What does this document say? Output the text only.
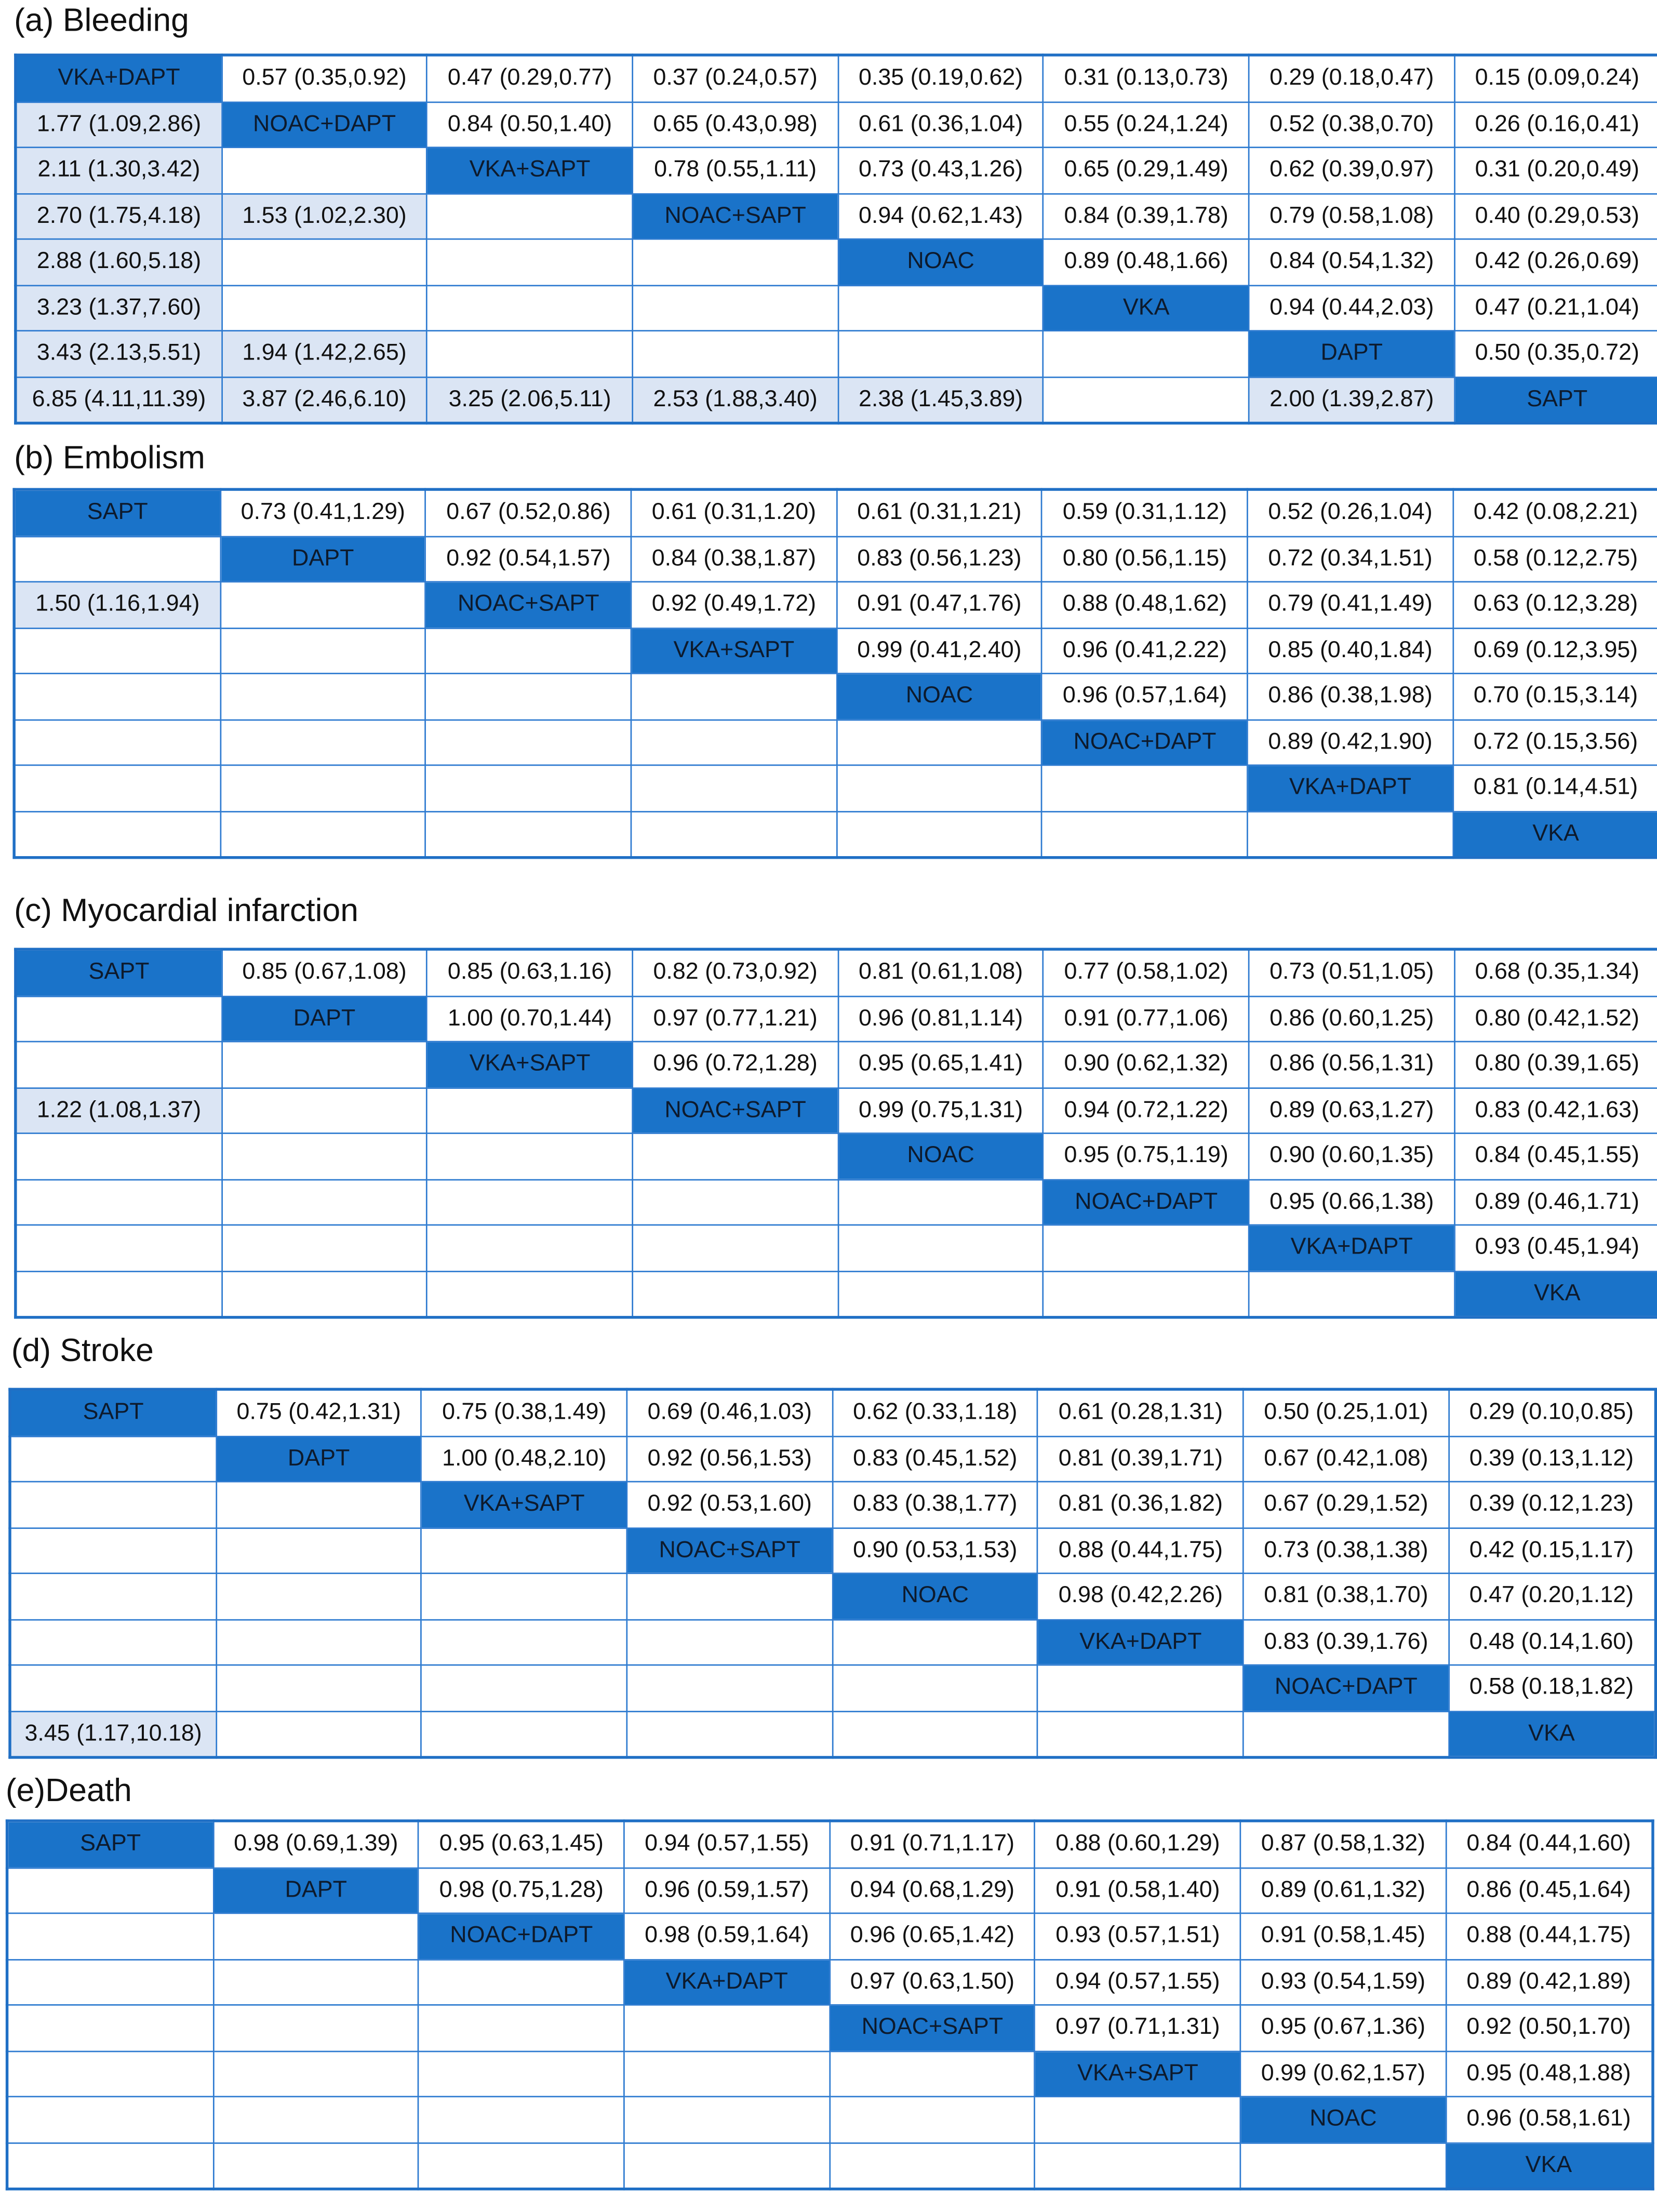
(a) Bleeding
VKA+DAPT	0.57 (0.35,0.92)	0.47 (0.29,0.77)	0.37 (0.24,0.57)	0.35 (0.19,0.62)	0.31 (0.13,0.73)	0.29 (0.18,0.47)	0.15 (0.09,0.24)
1.77 (1.09,2.86)	NOAC+DAPT	0.84 (0.50,1.40)	0.65 (0.43,0.98)	0.61 (0.36,1.04)	0.55 (0.24,1.24)	0.52 (0.38,0.70)	0.26 (0.16,0.41)
2.11 (1.30,3.42)		VKA+SAPT	0.78 (0.55,1.11)	0.73 (0.43,1.26)	0.65 (0.29,1.49)	0.62 (0.39,0.97)	0.31 (0.20,0.49)
2.70 (1.75,4.18)	1.53 (1.02,2.30)		NOAC+SAPT	0.94 (0.62,1.43)	0.84 (0.39,1.78)	0.79 (0.58,1.08)	0.40 (0.29,0.53)
2.88 (1.60,5.18)				NOAC	0.89 (0.48,1.66)	0.84 (0.54,1.32)	0.42 (0.26,0.69)
3.23 (1.37,7.60)					VKA	0.94 (0.44,2.03)	0.47 (0.21,1.04)
3.43 (2.13,5.51)	1.94 (1.42,2.65)					DAPT	0.50 (0.35,0.72)
6.85 (4.11,11.39)	3.87 (2.46,6.10)	3.25 (2.06,5.11)	2.53 (1.88,3.40)	2.38 (1.45,3.89)		2.00 (1.39,2.87)	SAPT
(b) Embolism
SAPT	0.73 (0.41,1.29)	0.67 (0.52,0.86)	0.61 (0.31,1.20)	0.61 (0.31,1.21)	0.59 (0.31,1.12)	0.52 (0.26,1.04)	0.42 (0.08,2.21)
	DAPT	0.92 (0.54,1.57)	0.84 (0.38,1.87)	0.83 (0.56,1.23)	0.80 (0.56,1.15)	0.72 (0.34,1.51)	0.58 (0.12,2.75)
1.50 (1.16,1.94)		NOAC+SAPT	0.92 (0.49,1.72)	0.91 (0.47,1.76)	0.88 (0.48,1.62)	0.79 (0.41,1.49)	0.63 (0.12,3.28)
			VKA+SAPT	0.99 (0.41,2.40)	0.96 (0.41,2.22)	0.85 (0.40,1.84)	0.69 (0.12,3.95)
				NOAC	0.96 (0.57,1.64)	0.86 (0.38,1.98)	0.70 (0.15,3.14)
					NOAC+DAPT	0.89 (0.42,1.90)	0.72 (0.15,3.56)
						VKA+DAPT	0.81 (0.14,4.51)
							VKA
(c) Myocardial infarction
SAPT	0.85 (0.67,1.08)	0.85 (0.63,1.16)	0.82 (0.73,0.92)	0.81 (0.61,1.08)	0.77 (0.58,1.02)	0.73 (0.51,1.05)	0.68 (0.35,1.34)
	DAPT	1.00 (0.70,1.44)	0.97 (0.77,1.21)	0.96 (0.81,1.14)	0.91 (0.77,1.06)	0.86 (0.60,1.25)	0.80 (0.42,1.52)
		VKA+SAPT	0.96 (0.72,1.28)	0.95 (0.65,1.41)	0.90 (0.62,1.32)	0.86 (0.56,1.31)	0.80 (0.39,1.65)
1.22 (1.08,1.37)			NOAC+SAPT	0.99 (0.75,1.31)	0.94 (0.72,1.22)	0.89 (0.63,1.27)	0.83 (0.42,1.63)
				NOAC	0.95 (0.75,1.19)	0.90 (0.60,1.35)	0.84 (0.45,1.55)
					NOAC+DAPT	0.95 (0.66,1.38)	0.89 (0.46,1.71)
						VKA+DAPT	0.93 (0.45,1.94)
							VKA
(d) Stroke
SAPT	0.75 (0.42,1.31)	0.75 (0.38,1.49)	0.69 (0.46,1.03)	0.62 (0.33,1.18)	0.61 (0.28,1.31)	0.50 (0.25,1.01)	0.29 (0.10,0.85)
	DAPT	1.00 (0.48,2.10)	0.92 (0.56,1.53)	0.83 (0.45,1.52)	0.81 (0.39,1.71)	0.67 (0.42,1.08)	0.39 (0.13,1.12)
		VKA+SAPT	0.92 (0.53,1.60)	0.83 (0.38,1.77)	0.81 (0.36,1.82)	0.67 (0.29,1.52)	0.39 (0.12,1.23)
			NOAC+SAPT	0.90 (0.53,1.53)	0.88 (0.44,1.75)	0.73 (0.38,1.38)	0.42 (0.15,1.17)
				NOAC	0.98 (0.42,2.26)	0.81 (0.38,1.70)	0.47 (0.20,1.12)
					VKA+DAPT	0.83 (0.39,1.76)	0.48 (0.14,1.60)
						NOAC+DAPT	0.58 (0.18,1.82)
3.45 (1.17,10.18)							VKA
(e)Death
SAPT	0.98 (0.69,1.39)	0.95 (0.63,1.45)	0.94 (0.57,1.55)	0.91 (0.71,1.17)	0.88 (0.60,1.29)	0.87 (0.58,1.32)	0.84 (0.44,1.60)
	DAPT	0.98 (0.75,1.28)	0.96 (0.59,1.57)	0.94 (0.68,1.29)	0.91 (0.58,1.40)	0.89 (0.61,1.32)	0.86 (0.45,1.64)
		NOAC+DAPT	0.98 (0.59,1.64)	0.96 (0.65,1.42)	0.93 (0.57,1.51)	0.91 (0.58,1.45)	0.88 (0.44,1.75)
			VKA+DAPT	0.97 (0.63,1.50)	0.94 (0.57,1.55)	0.93 (0.54,1.59)	0.89 (0.42,1.89)
				NOAC+SAPT	0.97 (0.71,1.31)	0.95 (0.67,1.36)	0.92 (0.50,1.70)
					VKA+SAPT	0.99 (0.62,1.57)	0.95 (0.48,1.88)
						NOAC	0.96 (0.58,1.61)
							VKA
